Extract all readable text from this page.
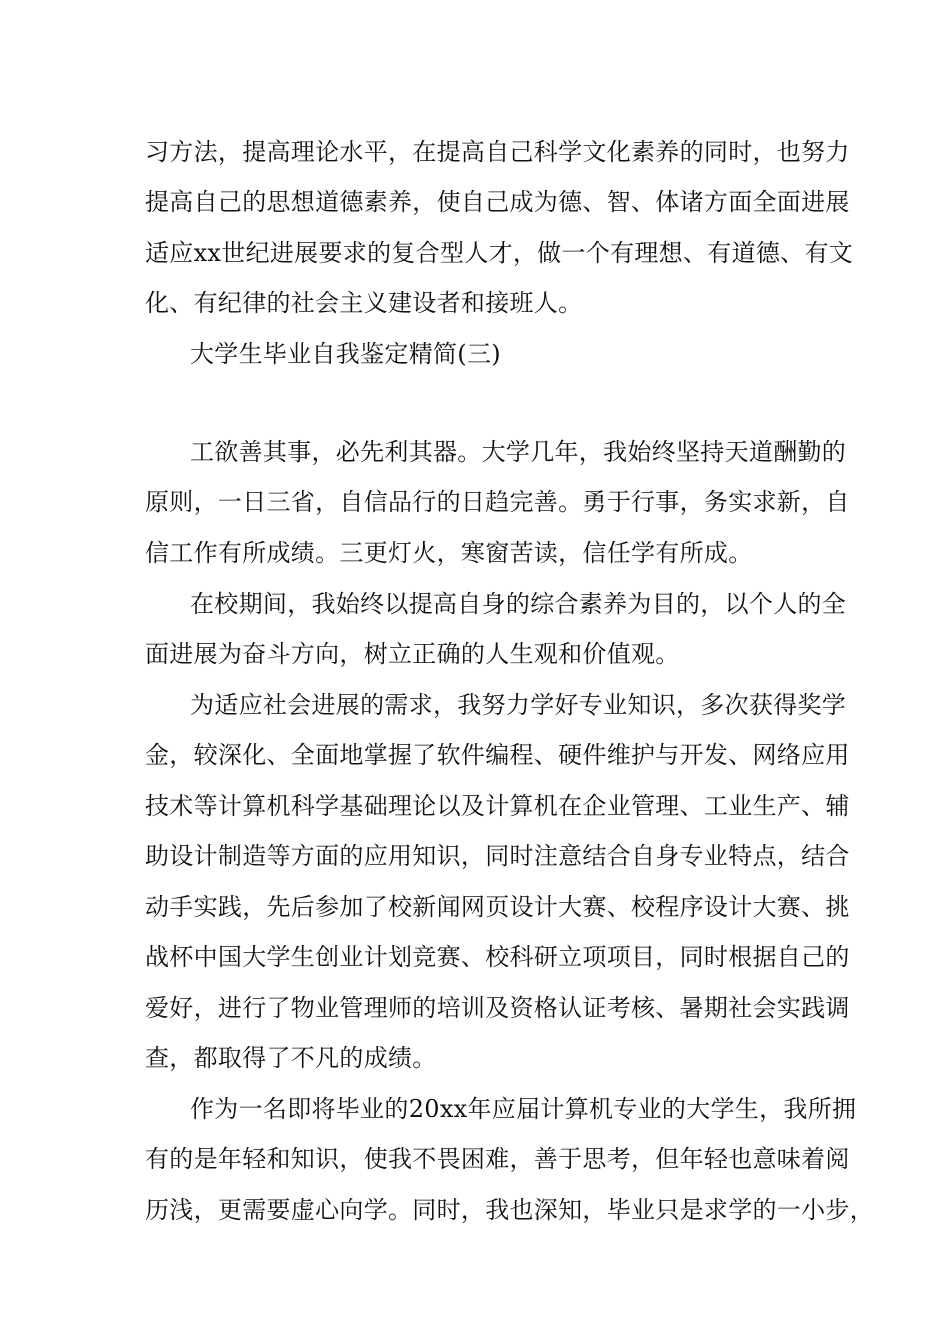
习方法，提高理论水平，在提高自己科学文化素养的同时，也努力
提高自己的思想道德素养，使自己成为德、智、体诸方面全面进展
适应xx世纪进展要求的复合型人才，做一个有理想、有道德、有文
化、有纪律的社会主义建设者和接班人。
大学生毕业自我鉴定精简(三)
工欲善其事，必先利其器。大学几年，我始终坚持天道酬勤的
原则，一日三省，自信品行的日趋完善。勇于行事，务实求新，自
信工作有所成绩。三更灯火，寒窗苦读，信任学有所成。
在校期间，我始终以提高自身的综合素养为目的，以个人的全
面进展为奋斗方向，树立正确的人生观和价值观。
为适应社会进展的需求，我努力学好专业知识，多次获得奖学
金，较深化、全面地掌握了软件编程、硬件维护与开发、网络应用
技术等计算机科学基础理论以及计算机在企业管理、工业生产、辅
助设计制造等方面的应用知识，同时注意结合自身专业特点，结合
动手实践，先后参加了校新闻网页设计大赛、校程序设计大赛、挑
战杯中国大学生创业计划竞赛、校科研立项项目，同时根据自己的
爱好，进行了物业管理师的培训及资格认证考核、暑期社会实践调
查，都取得了不凡的成绩。
作为一名即将毕业的20xx年应届计算机专业的大学生，我所拥
有的是年轻和知识，使我不畏困难，善于思考，但年轻也意味着阅
历浅，更需要虚心向学。同时，我也深知，毕业只是求学的一小步，
